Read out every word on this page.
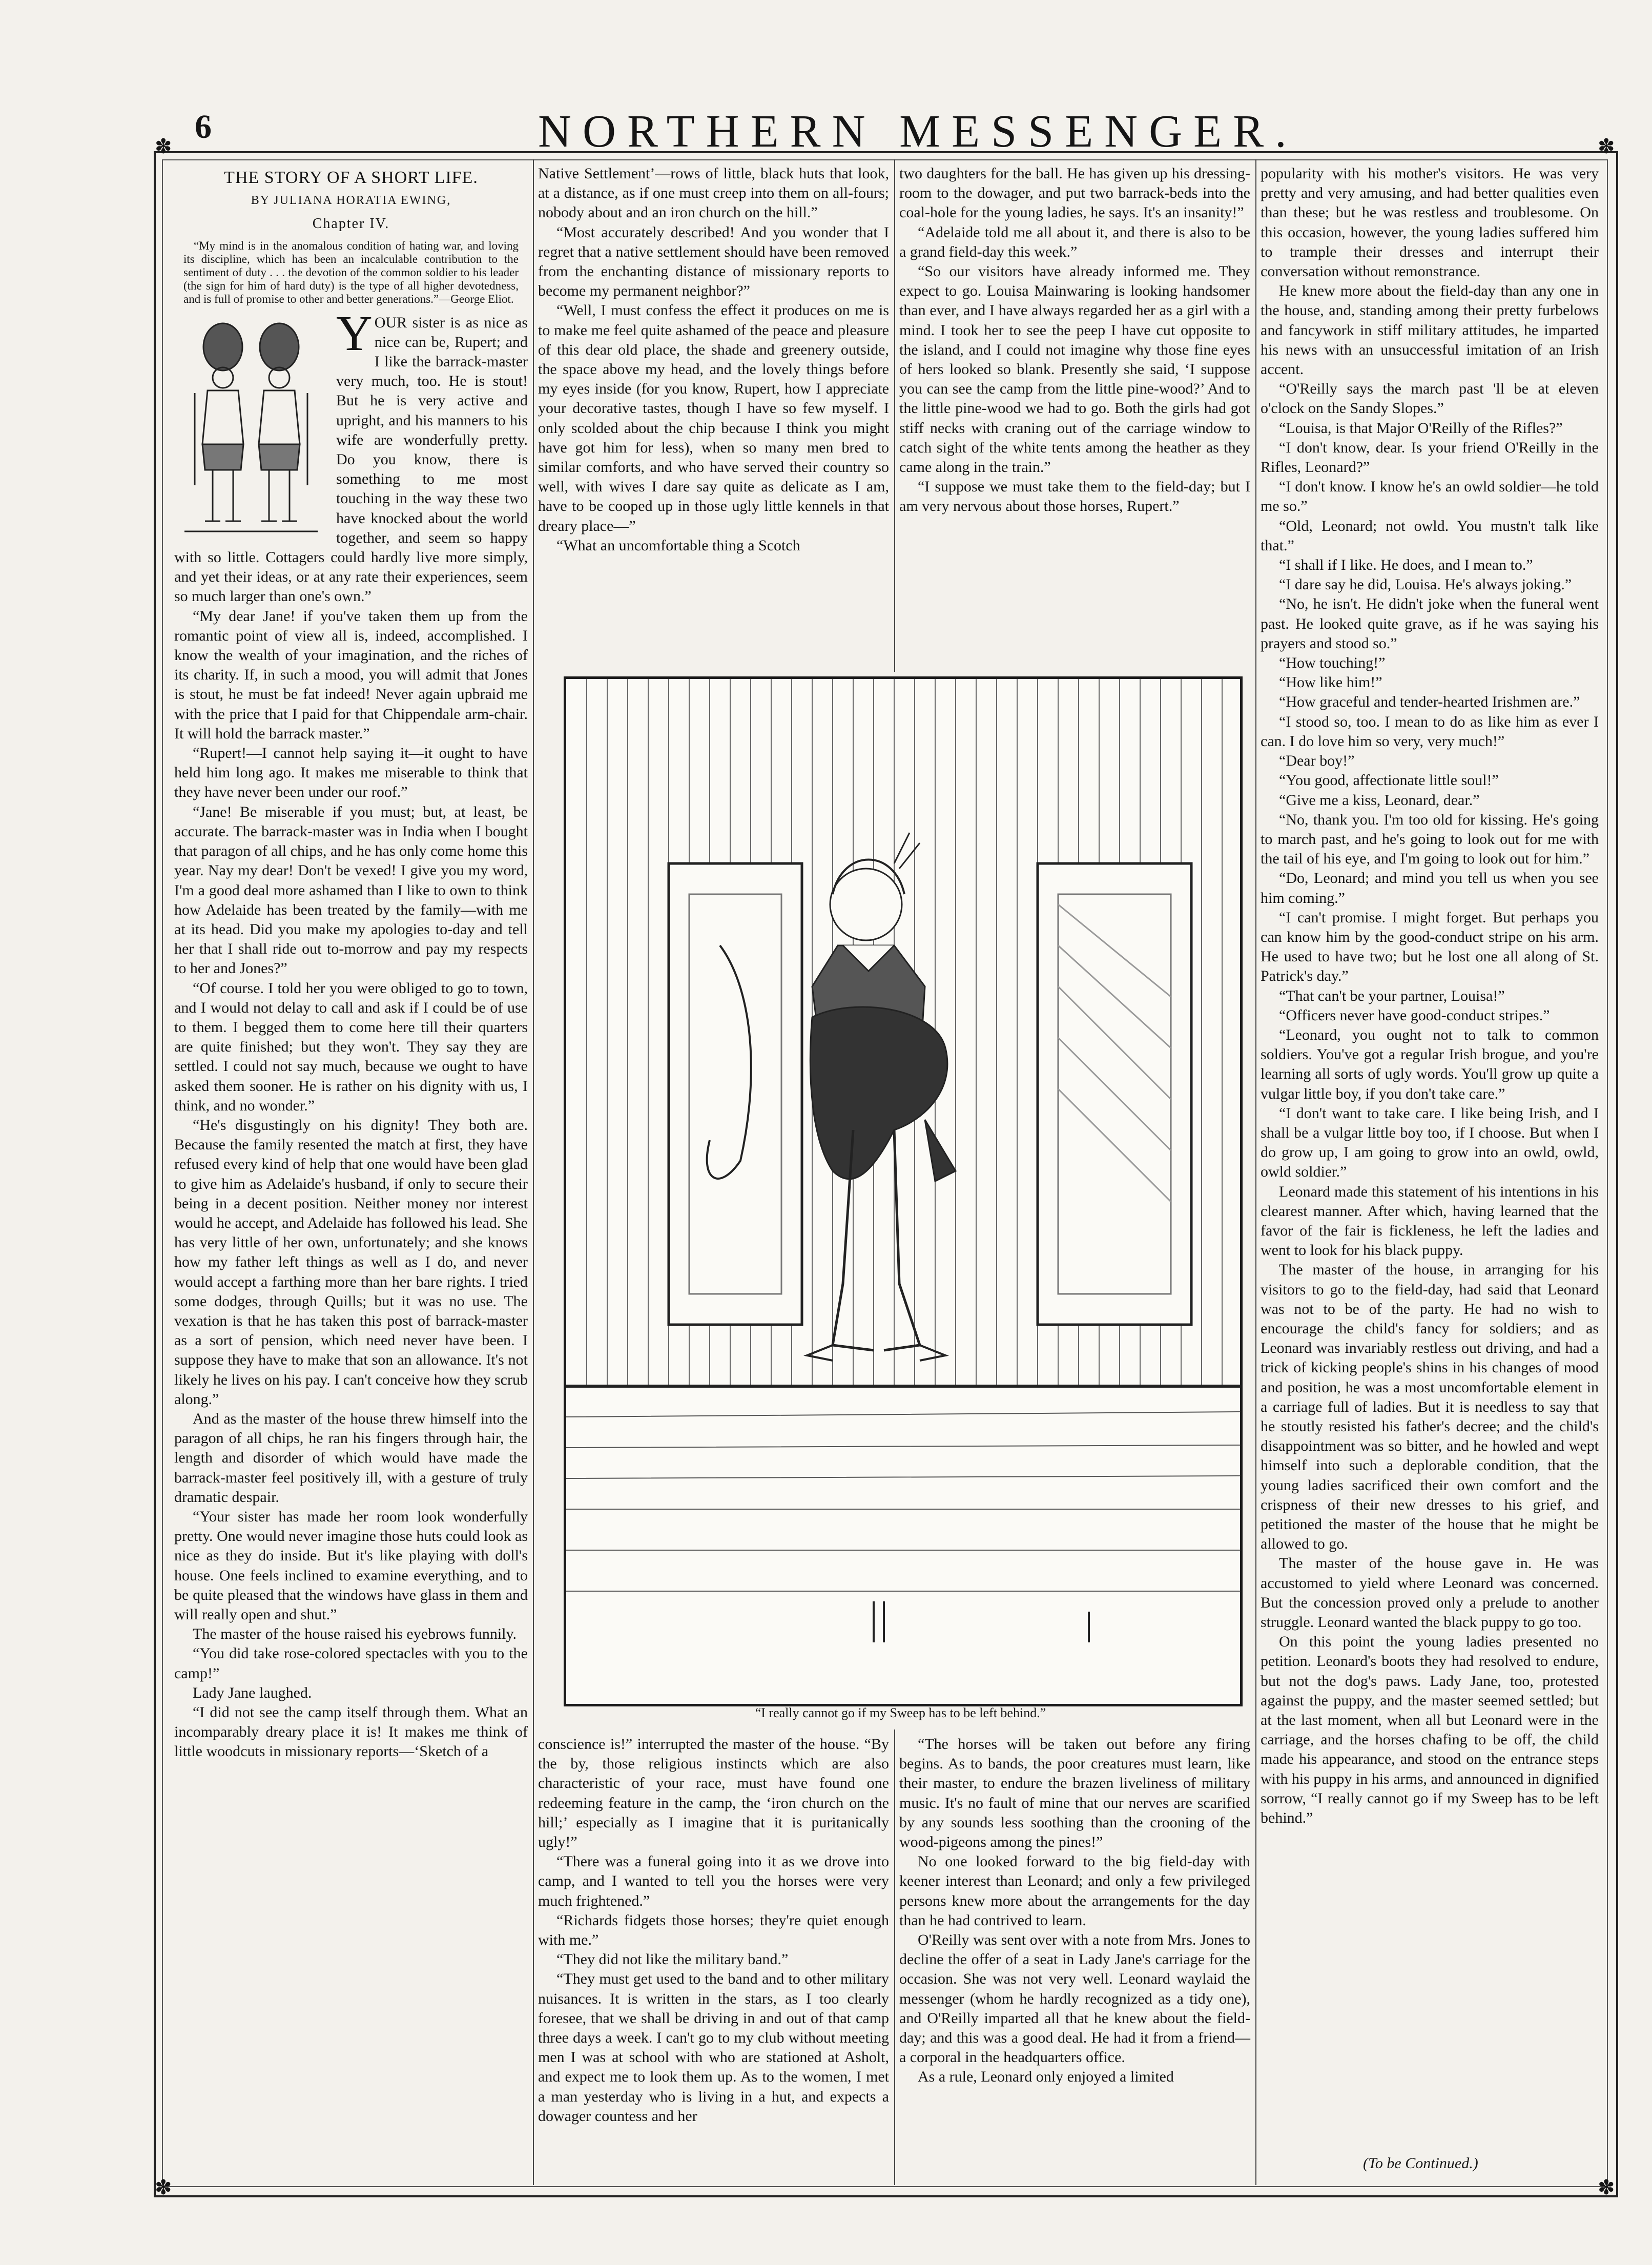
6	NORTHERN MESSENGER.
✽	✽
✽	✽
THE STORY OF A SHORT LIFE.
BY JULIANA HORATIA EWING,
Chapter IV.
“My mind is in the anomalous condition of hating war, and loving its discipline, which has been an incalculable contribution to the sentiment of duty . . . the devotion of the common soldier to his leader (the sign for him of hard duty) is the type of all higher devotedness, and is full of promise to other and better generations.”—George Eliot.

YOUR sister is as nice as nice can be, Rupert; and I like the barrack-master very much, too. He is stout! But he is very active and upright, and his manners to his wife are wonderfully pretty. Do you know, there is something to me most touching in the way these two have knocked about the world together, and seem so happy with so little. Cottagers could hardly live more simply, and yet their ideas, or at any rate their experiences, seem so much larger than one's own.”

“My dear Jane! if you've taken them up from the romantic point of view all is, indeed, accomplished. I know the wealth of your imagination, and the riches of its charity. If, in such a mood, you will admit that Jones is stout, he must be fat indeed! Never again upbraid me with the price that I paid for that Chippendale arm-chair. It will hold the barrack master.”

“Rupert!—I cannot help saying it—it ought to have held him long ago. It makes me miserable to think that they have never been under our roof.”

“Jane! Be miserable if you must; but, at least, be accurate. The barrack-master was in India when I bought that paragon of all chips, and he has only come home this year. Nay my dear! Don't be vexed! I give you my word, I'm a good deal more ashamed than I like to own to think how Adelaide has been treated by the family—with me at its head. Did you make my apologies to-day and tell her that I shall ride out to-morrow and pay my respects to her and Jones?”

“Of course. I told her you were obliged to go to town, and I would not delay to call and ask if I could be of use to them. I begged them to come here till their quarters are quite finished; but they won't. They say they are settled. I could not say much, because we ought to have asked them sooner. He is rather on his dignity with us, I think, and no wonder.”

“He's disgustingly on his dignity! They both are. Because the family resented the match at first, they have refused every kind of help that one would have been glad to give him as Adelaide's husband, if only to secure their being in a decent position. Neither money nor interest would he accept, and Adelaide has followed his lead. She has very little of her own, unfortunately; and she knows how my father left things as well as I do, and never would accept a farthing more than her bare rights. I tried some dodges, through Quills; but it was no use. The vexation is that he has taken this post of barrack-master as a sort of pension, which need never have been. I suppose they have to make that son an allowance. It's not likely he lives on his pay. I can't conceive how they scrub along.”

And as the master of the house threw himself into the paragon of all chips, he ran his fingers through hair, the length and disorder of which would have made the barrack-master feel positively ill, with a gesture of truly dramatic despair.

“Your sister has made her room look wonderfully pretty. One would never imagine those huts could look as nice as they do inside. But it's like playing with doll's house. One feels inclined to examine everything, and to be quite pleased that the windows have glass in them and will really open and shut.”

The master of the house raised his eyebrows funnily.

“You did take rose-colored spectacles with you to the camp!”

Lady Jane laughed.

“I did not see the camp itself through them. What an incomparably dreary place it is! It makes me think of little woodcuts in missionary reports—‘Sketch of a

Native Settlement’—rows of little, black huts that look, at a distance, as if one must creep into them on all-fours; nobody about and an iron church on the hill.”

“Most accurately described! And you wonder that I regret that a native settlement should have been removed from the enchanting distance of missionary reports to become my permanent neighbor?”

“Well, I must confess the effect it produces on me is to make me feel quite ashamed of the peace and pleasure of this dear old place, the shade and greenery outside, the space above my head, and the lovely things before my eyes inside (for you know, Rupert, how I appreciate your decorative tastes, though I have so few myself. I only scolded about the chip because I think you might have got him for less), when so many men bred to similar comforts, and who have served their country so well, with wives I dare say quite as delicate as I am, have to be cooped up in those ugly little kennels in that dreary place—”

“What an uncomfortable thing a Scotch

two daughters for the ball. He has given up his dressing-room to the dowager, and put two barrack-beds into the coal-hole for the young ladies, he says. It's an insanity!”

“Adelaide told me all about it, and there is also to be a grand field-day this week.”

“So our visitors have already informed me. They expect to go. Louisa Mainwaring is looking handsomer than ever, and I have always regarded her as a girl with a mind. I took her to see the peep I have cut opposite to the island, and I could not imagine why those fine eyes of hers looked so blank. Presently she said, ‘I suppose you can see the camp from the little pine-wood?’ And to the little pine-wood we had to go. Both the girls had got stiff necks with craning out of the carriage window to catch sight of the white tents among the heather as they came along in the train.”

“I suppose we must take them to the field-day; but I am very nervous about those horses, Rupert.”

“I really cannot go if my Sweep has to be left behind.”

conscience is!” interrupted the master of the house. “By the by, those religious instincts which are also characteristic of your race, must have found one redeeming feature in the camp, the ‘iron church on the hill;’ especially as I imagine that it is puritanically ugly!”

“There was a funeral going into it as we drove into camp, and I wanted to tell you the horses were very much frightened.”

“Richards fidgets those horses; they're quiet enough with me.”

“They did not like the military band.”

“They must get used to the band and to other military nuisances. It is written in the stars, as I too clearly foresee, that we shall be driving in and out of that camp three days a week. I can't go to my club without meeting men I was at school with who are stationed at Asholt, and expect me to look them up. As to the women, I met a man yesterday who is living in a hut, and expects a dowager countess and her

“The horses will be taken out before any firing begins. As to bands, the poor creatures must learn, like their master, to endure the brazen liveliness of military music. It's no fault of mine that our nerves are scarified by any sounds less soothing than the crooning of the wood-pigeons among the pines!”

No one looked forward to the big field-day with keener interest than Leonard; and only a few privileged persons knew more about the arrangements for the day than he had contrived to learn.

O'Reilly was sent over with a note from Mrs. Jones to decline the offer of a seat in Lady Jane's carriage for the occasion. She was not very well. Leonard waylaid the messenger (whom he hardly recognized as a tidy one), and O'Reilly imparted all that he knew about the field-day; and this was a good deal. He had it from a friend—a corporal in the headquarters office.

As a rule, Leonard only enjoyed a limited

popularity with his mother's visitors. He was very pretty and very amusing, and had better qualities even than these; but he was restless and troublesome. On this occasion, however, the young ladies suffered him to trample their dresses and interrupt their conversation without remonstrance.

He knew more about the field-day than any one in the house, and, standing among their pretty furbelows and fancywork in stiff military attitudes, he imparted his news with an unsuccessful imitation of an Irish accent.

“O'Reilly says the march past 'll be at eleven o'clock on the Sandy Slopes.”

“Louisa, is that Major O'Reilly of the Rifles?”

“I don't know, dear. Is your friend O'Reilly in the Rifles, Leonard?”

“I don't know. I know he's an owld soldier—he told me so.”

“Old, Leonard; not owld. You mustn't talk like that.”

“I shall if I like. He does, and I mean to.”

“I dare say he did, Louisa. He's always joking.”

“No, he isn't. He didn't joke when the funeral went past. He looked quite grave, as if he was saying his prayers and stood so.”

“How touching!”

“How like him!”

“How graceful and tender-hearted Irishmen are.”

“I stood so, too. I mean to do as like him as ever I can. I do love him so very, very much!”

“Dear boy!”

“You good, affectionate little soul!”

“Give me a kiss, Leonard, dear.”

“No, thank you. I'm too old for kissing. He's going to march past, and he's going to look out for me with the tail of his eye, and I'm going to look out for him.”

“Do, Leonard; and mind you tell us when you see him coming.”

“I can't promise. I might forget. But perhaps you can know him by the good-conduct stripe on his arm. He used to have two; but he lost one all along of St. Patrick's day.”

“That can't be your partner, Louisa!”

“Officers never have good-conduct stripes.”

“Leonard, you ought not to talk to common soldiers. You've got a regular Irish brogue, and you're learning all sorts of ugly words. You'll grow up quite a vulgar little boy, if you don't take care.”

“I don't want to take care. I like being Irish, and I shall be a vulgar little boy too, if I choose. But when I do grow up, I am going to grow into an owld, owld, owld soldier.”

Leonard made this statement of his intentions in his clearest manner. After which, having learned that the favor of the fair is fickleness, he left the ladies and went to look for his black puppy.

The master of the house, in arranging for his visitors to go to the field-day, had said that Leonard was not to be of the party. He had no wish to encourage the child's fancy for soldiers; and as Leonard was invariably restless out driving, and had a trick of kicking people's shins in his changes of mood and position, he was a most uncomfortable element in a carriage full of ladies. But it is needless to say that he stoutly resisted his father's decree; and the child's disappointment was so bitter, and he howled and wept himself into such a deplorable condition, that the young ladies sacrificed their own comfort and the crispness of their new dresses to his grief, and petitioned the master of the house that he might be allowed to go.

The master of the house gave in. He was accustomed to yield where Leonard was concerned. But the concession proved only a prelude to another struggle. Leonard wanted the black puppy to go too.

On this point the young ladies presented no petition. Leonard's boots they had resolved to endure, but not the dog's paws. Lady Jane, too, protested against the puppy, and the master seemed settled; but at the last moment, when all but Leonard were in the carriage, and the horses chafing to be off, the child made his appearance, and stood on the entrance steps with his puppy in his arms, and announced in dignified sorrow, “I really cannot go if my Sweep has to be left behind.”

(To be Continued.)
